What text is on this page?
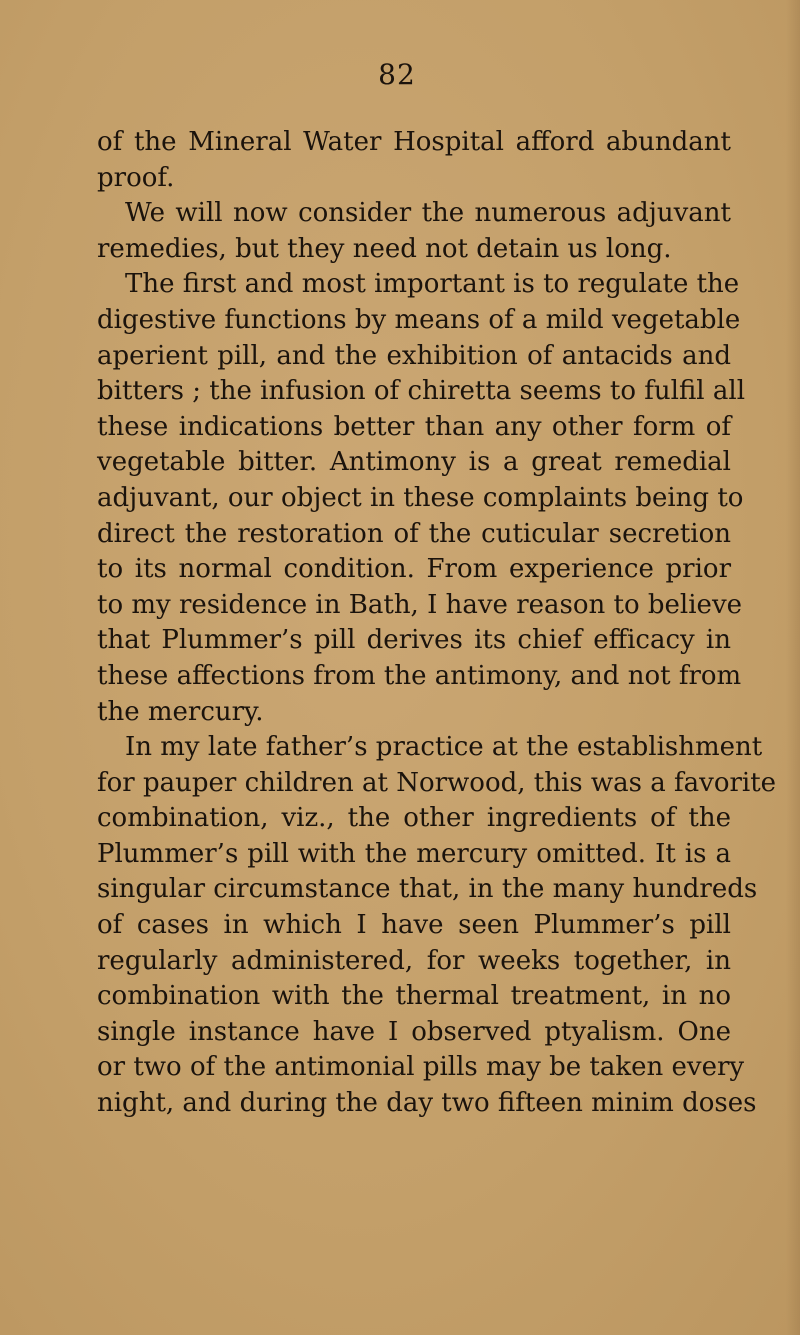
82
of the Mineral Water Hospital afford abundant
proof.
We will now consider the numerous adjuvant
remedies, but they need not detain us long.
The first and most important is to regulate the
digestive functions by means of a mild vegetable
aperient pill, and the exhibition of antacids and
bitters ; the infusion of chiretta seems to fulfil all
these indications better than any other form of
vegetable bitter. Antimony is a great remedial
adjuvant, our object in these complaints being to
direct the restoration of the cuticular secretion
to its normal condition. From experience prior
to my residence in Bath, I have reason to believe
that Plummer’s pill derives its chief efficacy in
these affections from the antimony, and not from
the mercury.
In my late father’s practice at the establishment
for pauper children at Norwood, this was a favorite
combination, viz., the other ingredients of the
Plummer’s pill with the mercury omitted. It is a
singular circumstance that, in the many hundreds
of cases in which I have seen Plummer’s pill
regularly administered, for weeks together, in
combination with the thermal treatment, in no
single instance have I observed ptyalism. One
or two of the antimonial pills may be taken every
night, and during the day two fifteen minim doses
